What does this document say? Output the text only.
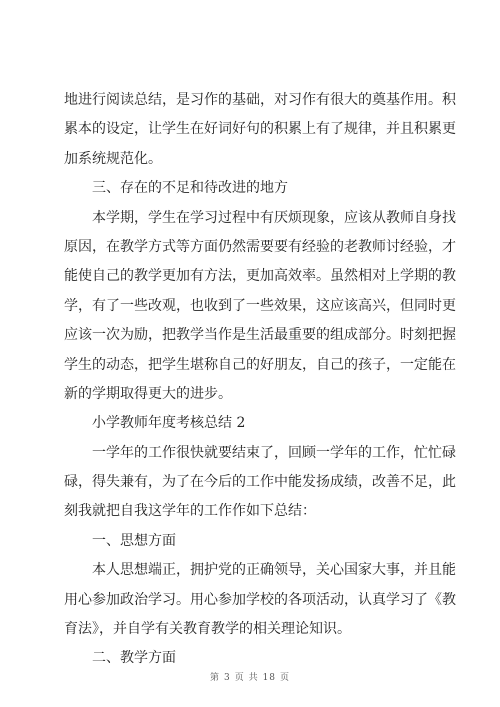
地进行阅读总结，是习作的基础，对习作有很大的奠基作用。积
累本的设定，让学生在好词好句的积累上有了规律，并且积累更
加系统规范化。
三、存在的不足和待改进的地方
本学期，学生在学习过程中有厌烦现象，应该从教师自身找
原因，在教学方式等方面仍然需要要有经验的老教师讨经验，才
能使自己的教学更加有方法，更加高效率。虽然相对上学期的教
学，有了一些改观，也收到了一些效果，这应该高兴，但同时更
应该一次为励，把教学当作是生活最重要的组成部分。时刻把握
学生的动态，把学生堪称自己的好朋友，自己的孩子，一定能在
新的学期取得更大的进步。
小学教师年度考核总结 2
一学年的工作很快就要结束了，回顾一学年的工作，忙忙碌
碌，得失兼有，为了在今后的工作中能发扬成绩，改善不足，此
刻我就把自我这学年的工作作如下总结：
一、思想方面
本人思想端正，拥护党的正确领导，关心国家大事，并且能
用心参加政治学习。用心参加学校的各项活动，认真学习了《教
育法》，并自学有关教育教学的相关理论知识。
二、教学方面
第 3 页 共 18 页
